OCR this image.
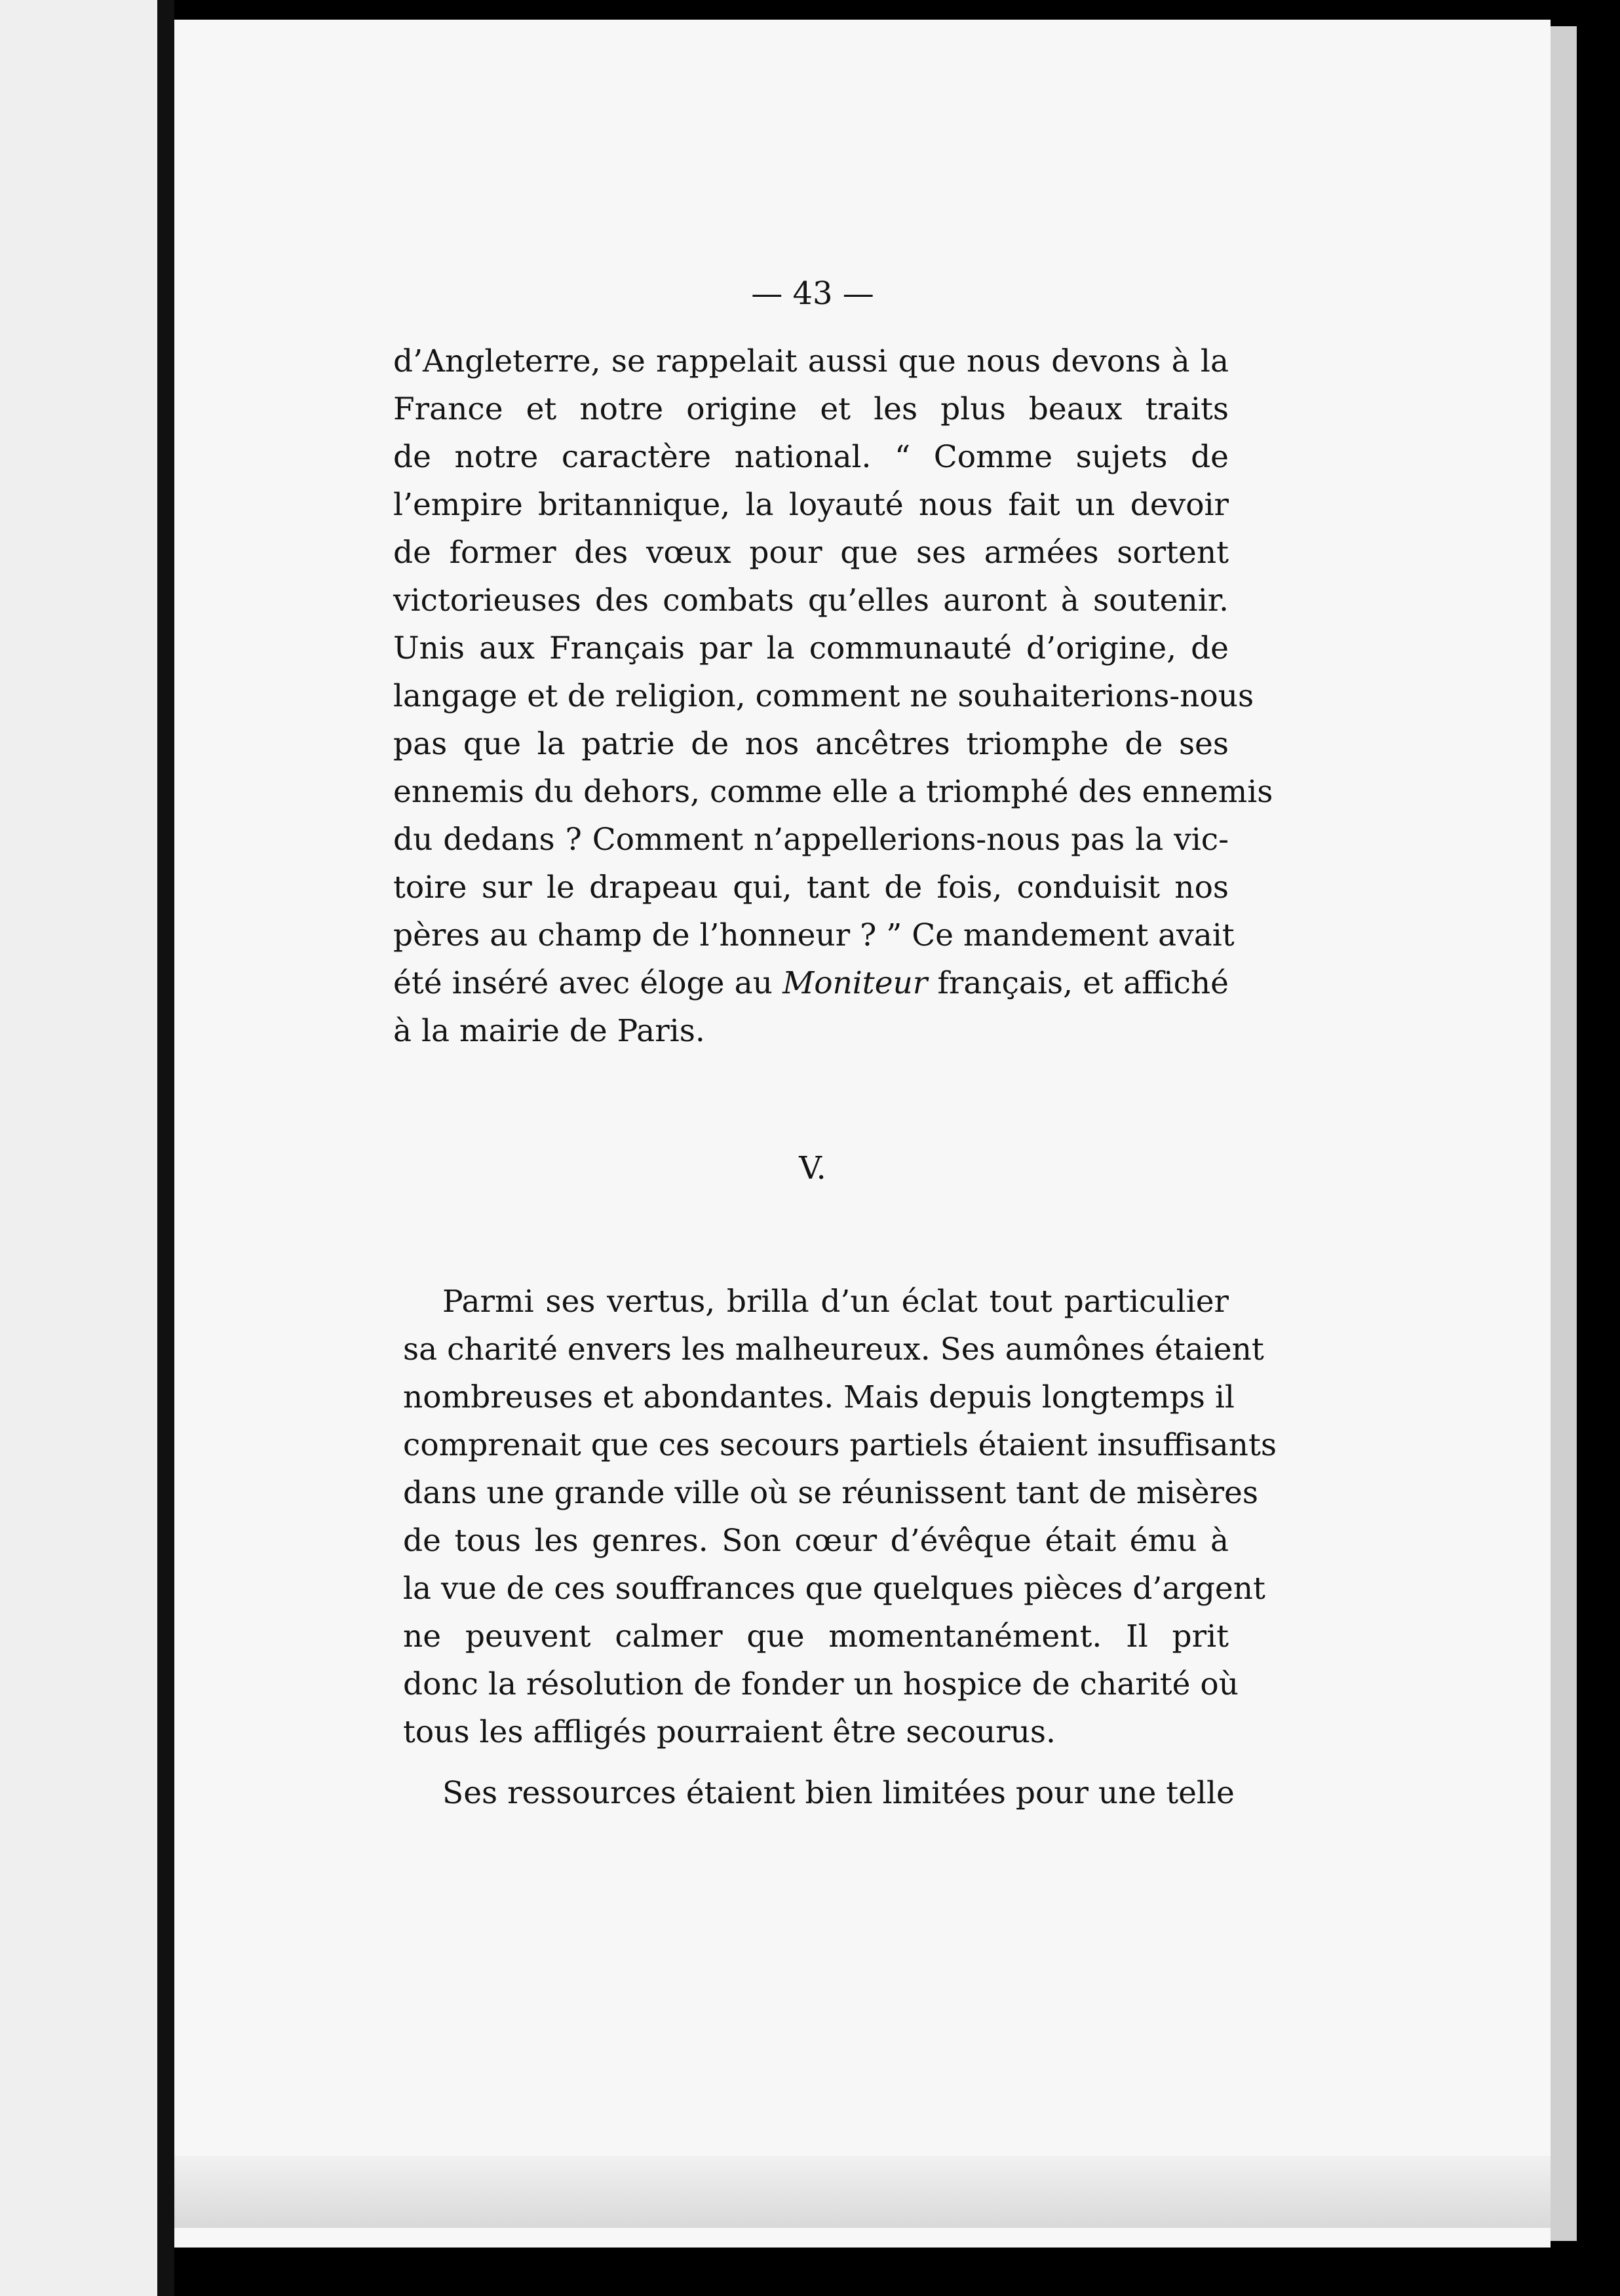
— 43 —
d’Angleterre, se rappelait aussi que nous devons à la
France et notre origine et les plus beaux traits
de notre caractère national. “ Comme sujets de
l’empire britannique, la loyauté nous fait un devoir
de former des vœux pour que ses armées sortent
victorieuses des combats qu’elles auront à soutenir.
Unis aux Français par la communauté d’origine, de
langage et de religion, comment ne souhaiterions-nous
pas que la patrie de nos ancêtres triomphe de ses
ennemis du dehors, comme elle a triomphé des ennemis
du dedans ? Comment n’appellerions-nous pas la vic-
toire sur le drapeau qui, tant de fois, conduisit nos
pères au champ de l’honneur ? ” Ce mandement avait
été inséré avec éloge au Moniteur français, et affiché
à la mairie de Paris.
V.
Parmi ses vertus, brilla d’un éclat tout particulier
sa charité envers les malheureux. Ses aumônes étaient
nombreuses et abondantes. Mais depuis longtemps il
comprenait que ces secours partiels étaient insuffisants
dans une grande ville où se réunissent tant de misères
de tous les genres. Son cœur d’évêque était ému à
la vue de ces souffrances que quelques pièces d’argent
ne peuvent calmer que momentanément. Il prit
donc la résolution de fonder un hospice de charité où
tous les affligés pourraient être secourus.
Ses ressources étaient bien limitées pour une telle
